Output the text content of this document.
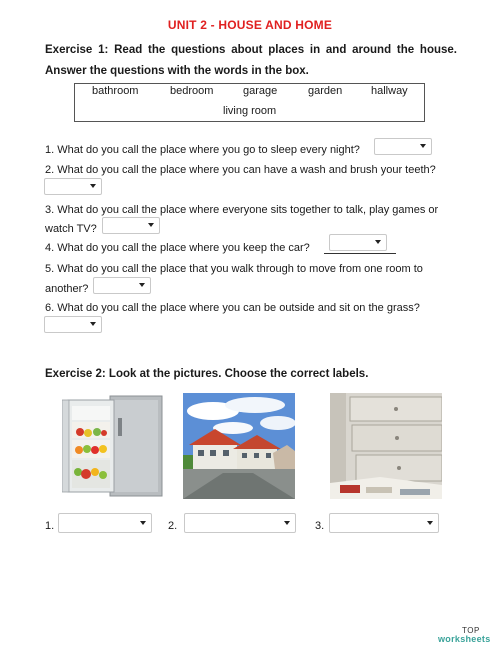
UNIT 2 - HOUSE AND HOME
Exercise 1: Read the questions about places in and around the house.
Answer the questions with the words in the box.
bathroom	bedroom	garage	garden	hallway
living room
1. What do you call the place where you go to sleep every night?
2. What do you call the place where you can have a wash and brush your teeth?
3. What do you call the place where everyone sits together to talk, play games or
watch TV?
4. What do you call the place where you keep the car?
5. What do you call the place that you walk through to move from one room to
another?
6. What do you call the place where you can be outside and sit on the grass?
Exercise 2: Look at the pictures. Choose the correct labels.
1.	2.	3.
TOP
worksheets
